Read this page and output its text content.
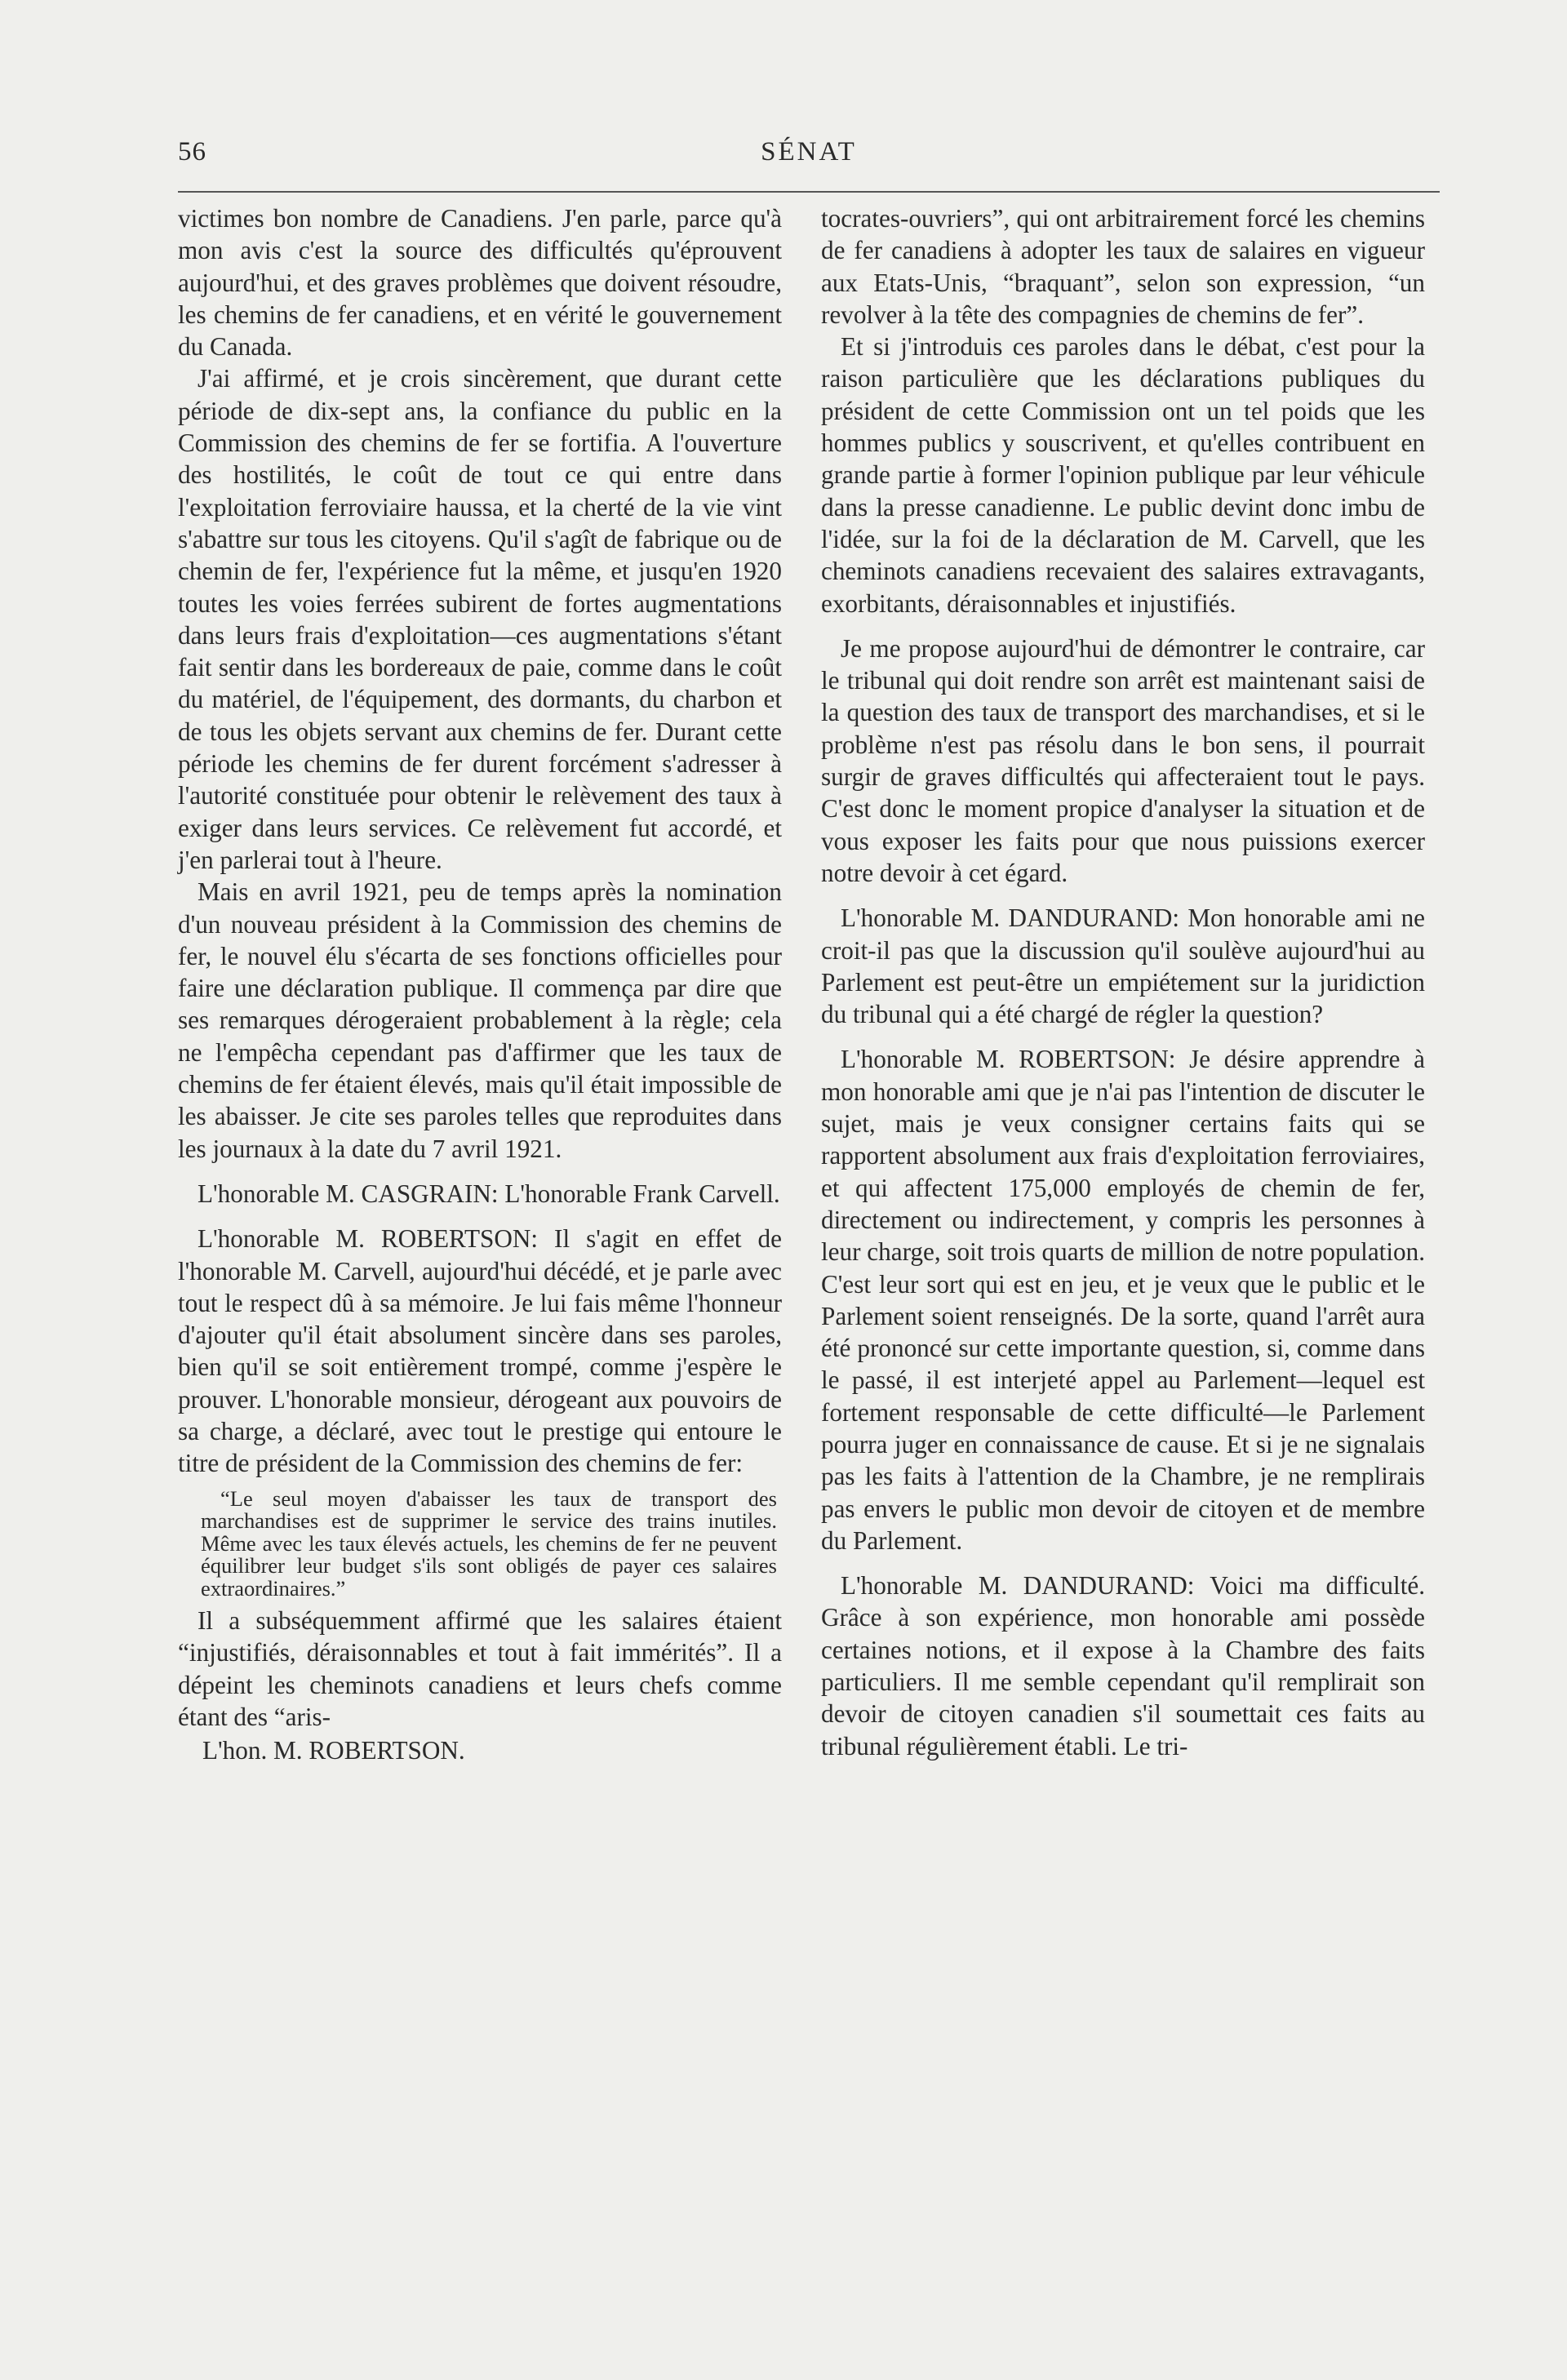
56	SÉNAT

victimes bon nombre de Canadiens. J'en parle, parce qu'à mon avis c'est la source des difficultés qu'éprouvent aujourd'hui, et des graves problèmes que doivent résoudre, les chemins de fer canadiens, et en vérité le gouvernement du Canada.

J'ai affirmé, et je crois sincèrement, que durant cette période de dix-sept ans, la confiance du public en la Commission des chemins de fer se fortifia. A l'ouverture des hostilités, le coût de tout ce qui entre dans l'exploitation ferroviaire haussa, et la cherté de la vie vint s'abattre sur tous les citoyens. Qu'il s'agît de fabrique ou de chemin de fer, l'expérience fut la même, et jusqu'en 1920 toutes les voies ferrées subirent de fortes augmentations dans leurs frais d'exploitation—ces augmentations s'étant fait sentir dans les bordereaux de paie, comme dans le coût du matériel, de l'équipement, des dormants, du charbon et de tous les objets servant aux chemins de fer. Durant cette période les chemins de fer durent forcément s'adresser à l'autorité constituée pour obtenir le relèvement des taux à exiger dans leurs services. Ce relèvement fut accordé, et j'en parlerai tout à l'heure.

Mais en avril 1921, peu de temps après la nomination d'un nouveau président à la Commission des chemins de fer, le nouvel élu s'écarta de ses fonctions officielles pour faire une déclaration publique. Il commença par dire que ses remarques dérogeraient probablement à la règle; cela ne l'empêcha cependant pas d'affirmer que les taux de chemins de fer étaient élevés, mais qu'il était impossible de les abaisser. Je cite ses paroles telles que reproduites dans les journaux à la date du 7 avril 1921.

L'honorable M. CASGRAIN: L'honorable Frank Carvell.

L'honorable M. ROBERTSON: Il s'agit en effet de l'honorable M. Carvell, aujourd'hui décédé, et je parle avec tout le respect dû à sa mémoire. Je lui fais même l'honneur d'ajouter qu'il était absolument sincère dans ses paroles, bien qu'il se soit entièrement trompé, comme j'espère le prouver. L'honorable monsieur, dérogeant aux pouvoirs de sa charge, a déclaré, avec tout le prestige qui entoure le titre de président de la Commission des chemins de fer:

“Le seul moyen d'abaisser les taux de transport des marchandises est de supprimer le service des trains inutiles. Même avec les taux élevés actuels, les chemins de fer ne peuvent équilibrer leur budget s'ils sont obligés de payer ces salaires extraordinaires.”

Il a subséquemment affirmé que les salaires étaient “injustifiés, déraisonnables et tout à fait immérités”. Il a dépeint les cheminots canadiens et leurs chefs comme étant des “aris-

L'hon. M. ROBERTSON.

tocrates-ouvriers”, qui ont arbitrairement forcé les chemins de fer canadiens à adopter les taux de salaires en vigueur aux Etats-Unis, “braquant”, selon son expression, “un revolver à la tête des compagnies de chemins de fer”.

Et si j'introduis ces paroles dans le débat, c'est pour la raison particulière que les déclarations publiques du président de cette Commission ont un tel poids que les hommes publics y souscrivent, et qu'elles contribuent en grande partie à former l'opinion publique par leur véhicule dans la presse canadienne. Le public devint donc imbu de l'idée, sur la foi de la déclaration de M. Carvell, que les cheminots canadiens recevaient des salaires extravagants, exorbitants, déraisonnables et injustifiés.

Je me propose aujourd'hui de démontrer le contraire, car le tribunal qui doit rendre son arrêt est maintenant saisi de la question des taux de transport des marchandises, et si le problème n'est pas résolu dans le bon sens, il pourrait surgir de graves difficultés qui affecteraient tout le pays. C'est donc le moment propice d'analyser la situation et de vous exposer les faits pour que nous puissions exercer notre devoir à cet égard.

L'honorable M. DANDURAND: Mon honorable ami ne croit-il pas que la discussion qu'il soulève aujourd'hui au Parlement est peut-être un empiétement sur la juridiction du tribunal qui a été chargé de régler la question?

L'honorable M. ROBERTSON: Je désire apprendre à mon honorable ami que je n'ai pas l'intention de discuter le sujet, mais je veux consigner certains faits qui se rapportent absolument aux frais d'exploitation ferroviaires, et qui affectent 175,000 employés de chemin de fer, directement ou indirectement, y compris les personnes à leur charge, soit trois quarts de million de notre population. C'est leur sort qui est en jeu, et je veux que le public et le Parlement soient renseignés. De la sorte, quand l'arrêt aura été prononcé sur cette importante question, si, comme dans le passé, il est interjeté appel au Parlement—lequel est fortement responsable de cette difficulté—le Parlement pourra juger en connaissance de cause. Et si je ne signalais pas les faits à l'attention de la Chambre, je ne remplirais pas envers le public mon devoir de citoyen et de membre du Parlement.

L'honorable M. DANDURAND: Voici ma difficulté. Grâce à son expérience, mon honorable ami possède certaines notions, et il expose à la Chambre des faits particuliers. Il me semble cependant qu'il remplirait son devoir de citoyen canadien s'il soumettait ces faits au tribunal régulièrement établi. Le tri-
